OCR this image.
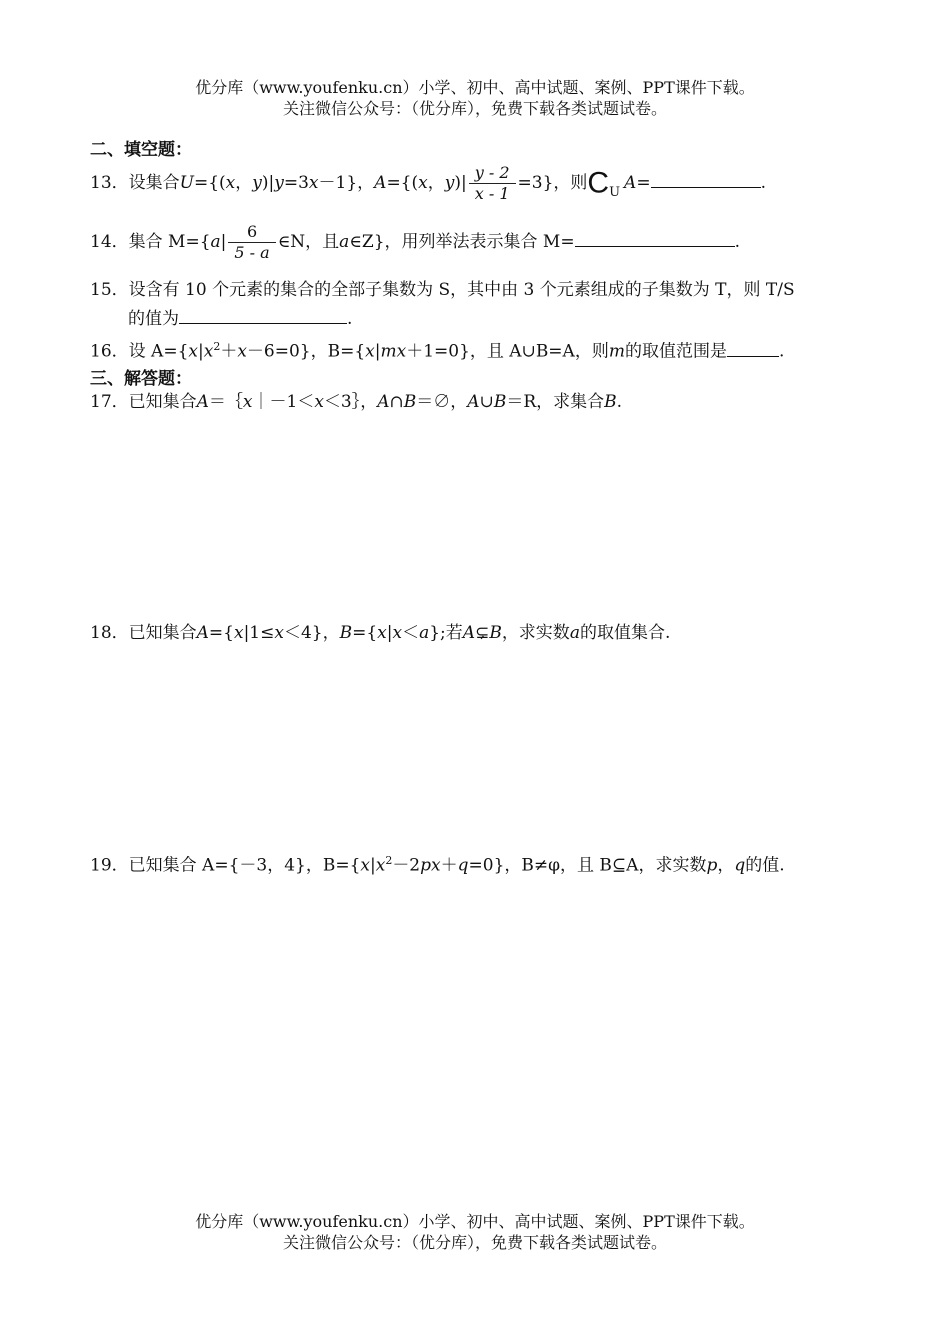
优分库（www.youfenku.cn）小学、初中、高中试题、案例、PPT课件下载。
关注微信公众号：（优分库），免费下载各类试题试卷。
二、填空题：
13．设集合U={(x，y)|y=3x－1}，A={(x，$y)| \frac{y - 2}{x - 1} =3$}，则$C_U$ A=	.
14．集合 $M=\{a| \frac{6}{5 - a}$ ∈N，且a∈Z}，用列举法表示集合 M=	.
15．设含有 10 个元素的集合的全部子集数为 S，其中由 3 个元素组成的子集数为 T，则 T/S
的值为	.
16．设 $A=\{x|x^2+x-6=0\}$，B={x|mx＋1=0}，且 A∪B=A，则m的取值范围是	.
三、解答题：
17．已知集合A＝｛x｜－1＜x＜3｝，A∩B＝∅，A∪B＝R，求集合B.
18．已知集合A={x|1≤x＜4}，B={x|x＜a};若A⊊B，求实数a的取值集合.
19．已知集合 A={－3，4}，$B=\{x|x^2-2px+q=0\}$，B≠φ，且 B⊆A，求实数p，q的值.
优分库（www.youfenku.cn）小学、初中、高中试题、案例、PPT课件下载。
关注微信公众号：（优分库），免费下载各类试题试卷。
